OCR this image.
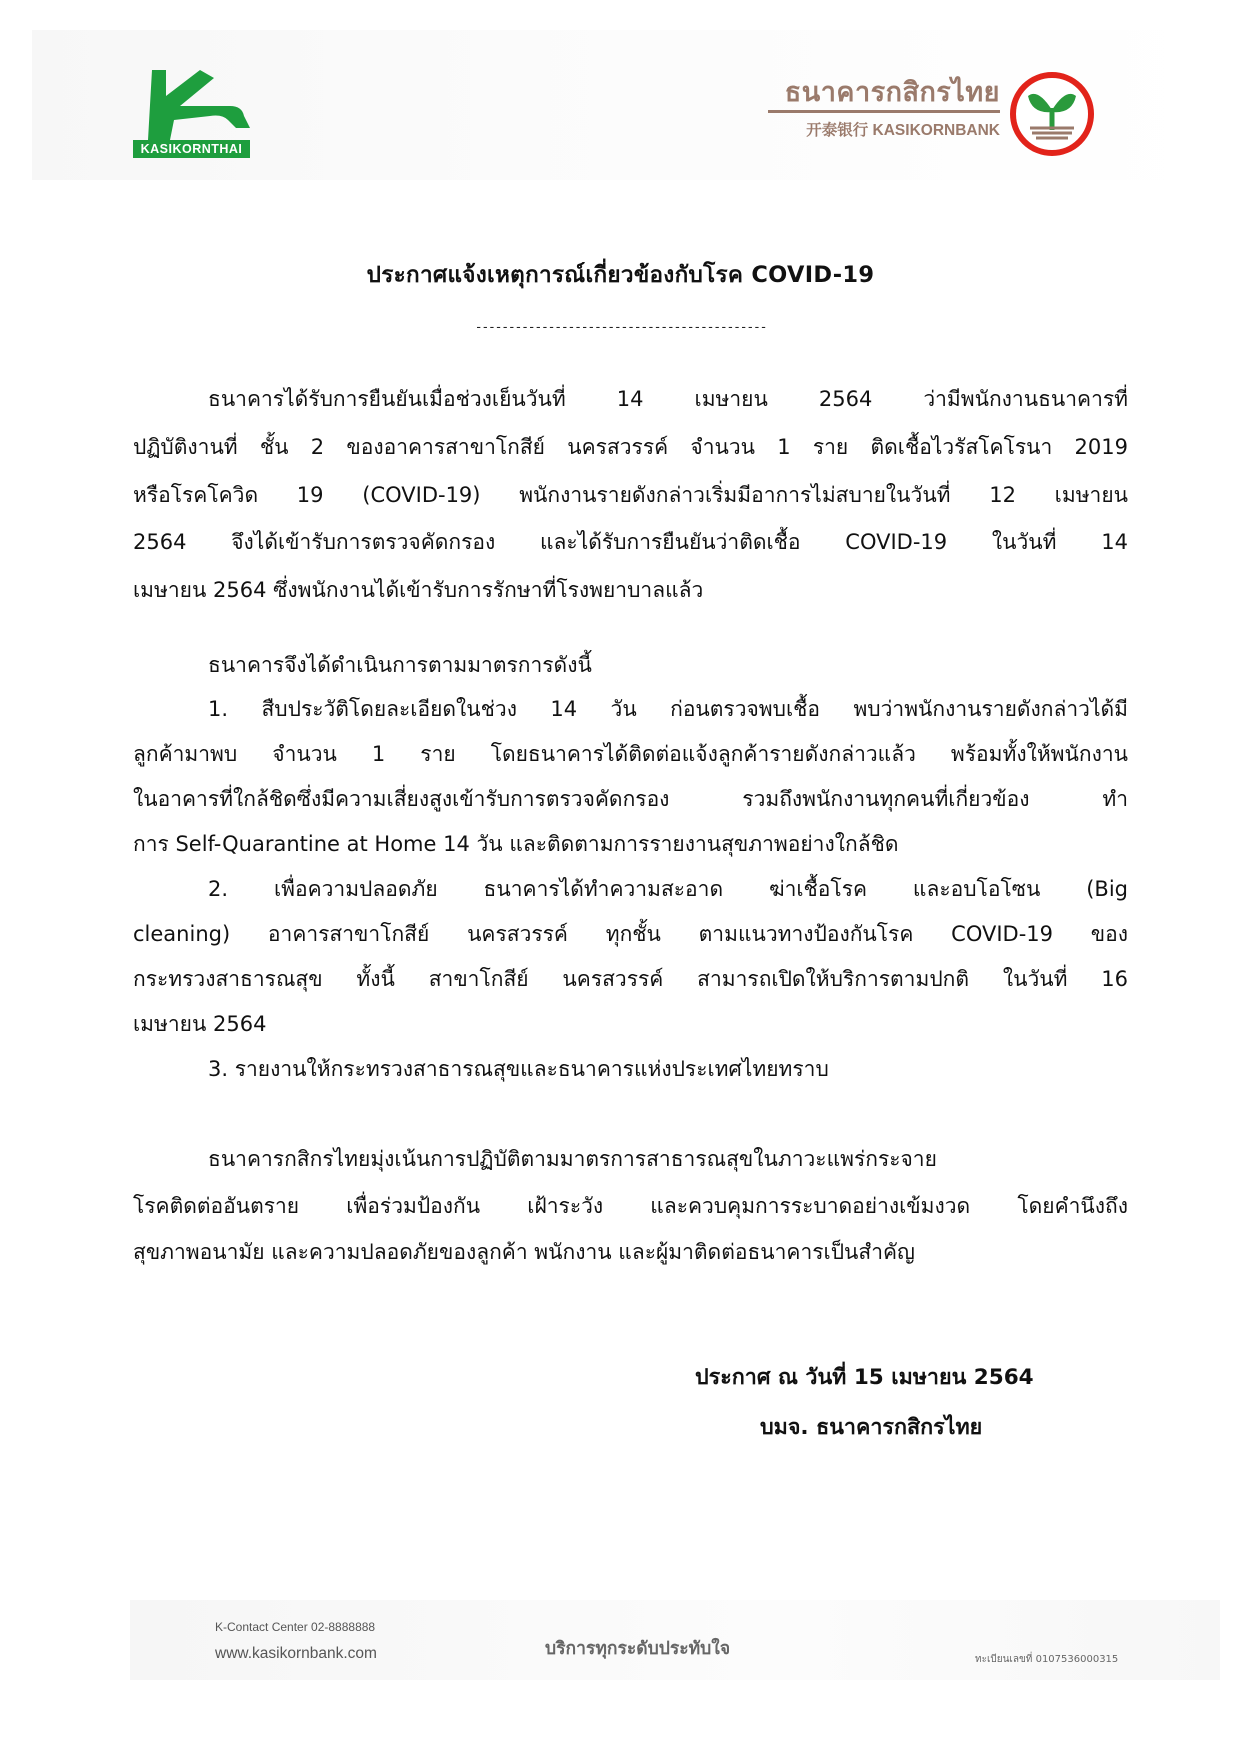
KASIKORNTHAI
ธนาคารกสิกรไทย
开泰银行 KASIKORNBANK
ประกาศแจ้งเหตุการณ์เกี่ยวข้องกับโรค COVID-19
--------------------------------------------
ธนาคารได้รับการยืนยันเมื่อช่วงเย็นวันที่ 14 เมษายน 2564 ว่ามีพนักงานธนาคารที่
ปฏิบัติงานที่ ชั้น 2 ของอาคารสาขาโกสีย์ นครสวรรค์ จำนวน 1 ราย ติดเชื้อไวรัสโคโรนา 2019
หรือโรคโควิด 19 (COVID-19) พนักงานรายดังกล่าวเริ่มมีอาการไม่สบายในวันที่ 12 เมษายน
2564 จึงได้เข้ารับการตรวจคัดกรอง และได้รับการยืนยันว่าติดเชื้อ COVID-19 ในวันที่ 14
เมษายน 2564 ซึ่งพนักงานได้เข้ารับการรักษาที่โรงพยาบาลแล้ว
ธนาคารจึงได้ดำเนินการตามมาตรการดังนี้
1. สืบประวัติโดยละเอียดในช่วง 14 วัน ก่อนตรวจพบเชื้อ พบว่าพนักงานรายดังกล่าวได้มี
ลูกค้ามาพบ จำนวน 1 ราย โดยธนาคารได้ติดต่อแจ้งลูกค้ารายดังกล่าวแล้ว พร้อมทั้งให้พนักงาน
ในอาคารที่ใกล้ชิดซึ่งมีความเสี่ยงสูงเข้ารับการตรวจคัดกรอง รวมถึงพนักงานทุกคนที่เกี่ยวข้อง ทำ
การ Self-Quarantine at Home 14 วัน และติดตามการรายงานสุขภาพอย่างใกล้ชิด
2. เพื่อความปลอดภัย ธนาคารได้ทำความสะอาด ฆ่าเชื้อโรค และอบโอโซน (Big
cleaning) อาคารสาขาโกสีย์ นครสวรรค์ ทุกชั้น ตามแนวทางป้องกันโรค COVID-19 ของ
กระทรวงสาธารณสุข ทั้งนี้ สาขาโกสีย์ นครสวรรค์ สามารถเปิดให้บริการตามปกติ ในวันที่ 16
เมษายน 2564
3. รายงานให้กระทรวงสาธารณสุขและธนาคารแห่งประเทศไทยทราบ
ธนาคารกสิกรไทยมุ่งเน้นการปฏิบัติตามมาตรการสาธารณสุขในภาวะแพร่กระจาย
โรคติดต่ออันตราย เพื่อร่วมป้องกัน เฝ้าระวัง และควบคุมการระบาดอย่างเข้มงวด โดยคำนึงถึง
สุขภาพอนามัย และความปลอดภัยของลูกค้า พนักงาน และผู้มาติดต่อธนาคารเป็นสำคัญ
ประกาศ ณ วันที่ 15 เมษายน 2564
บมจ. ธนาคารกสิกรไทย
K-Contact Center 02-8888888
www.kasikornbank.com	บริการทุกระดับประทับใจ
ทะเบียนเลขที่ 0107536000315
